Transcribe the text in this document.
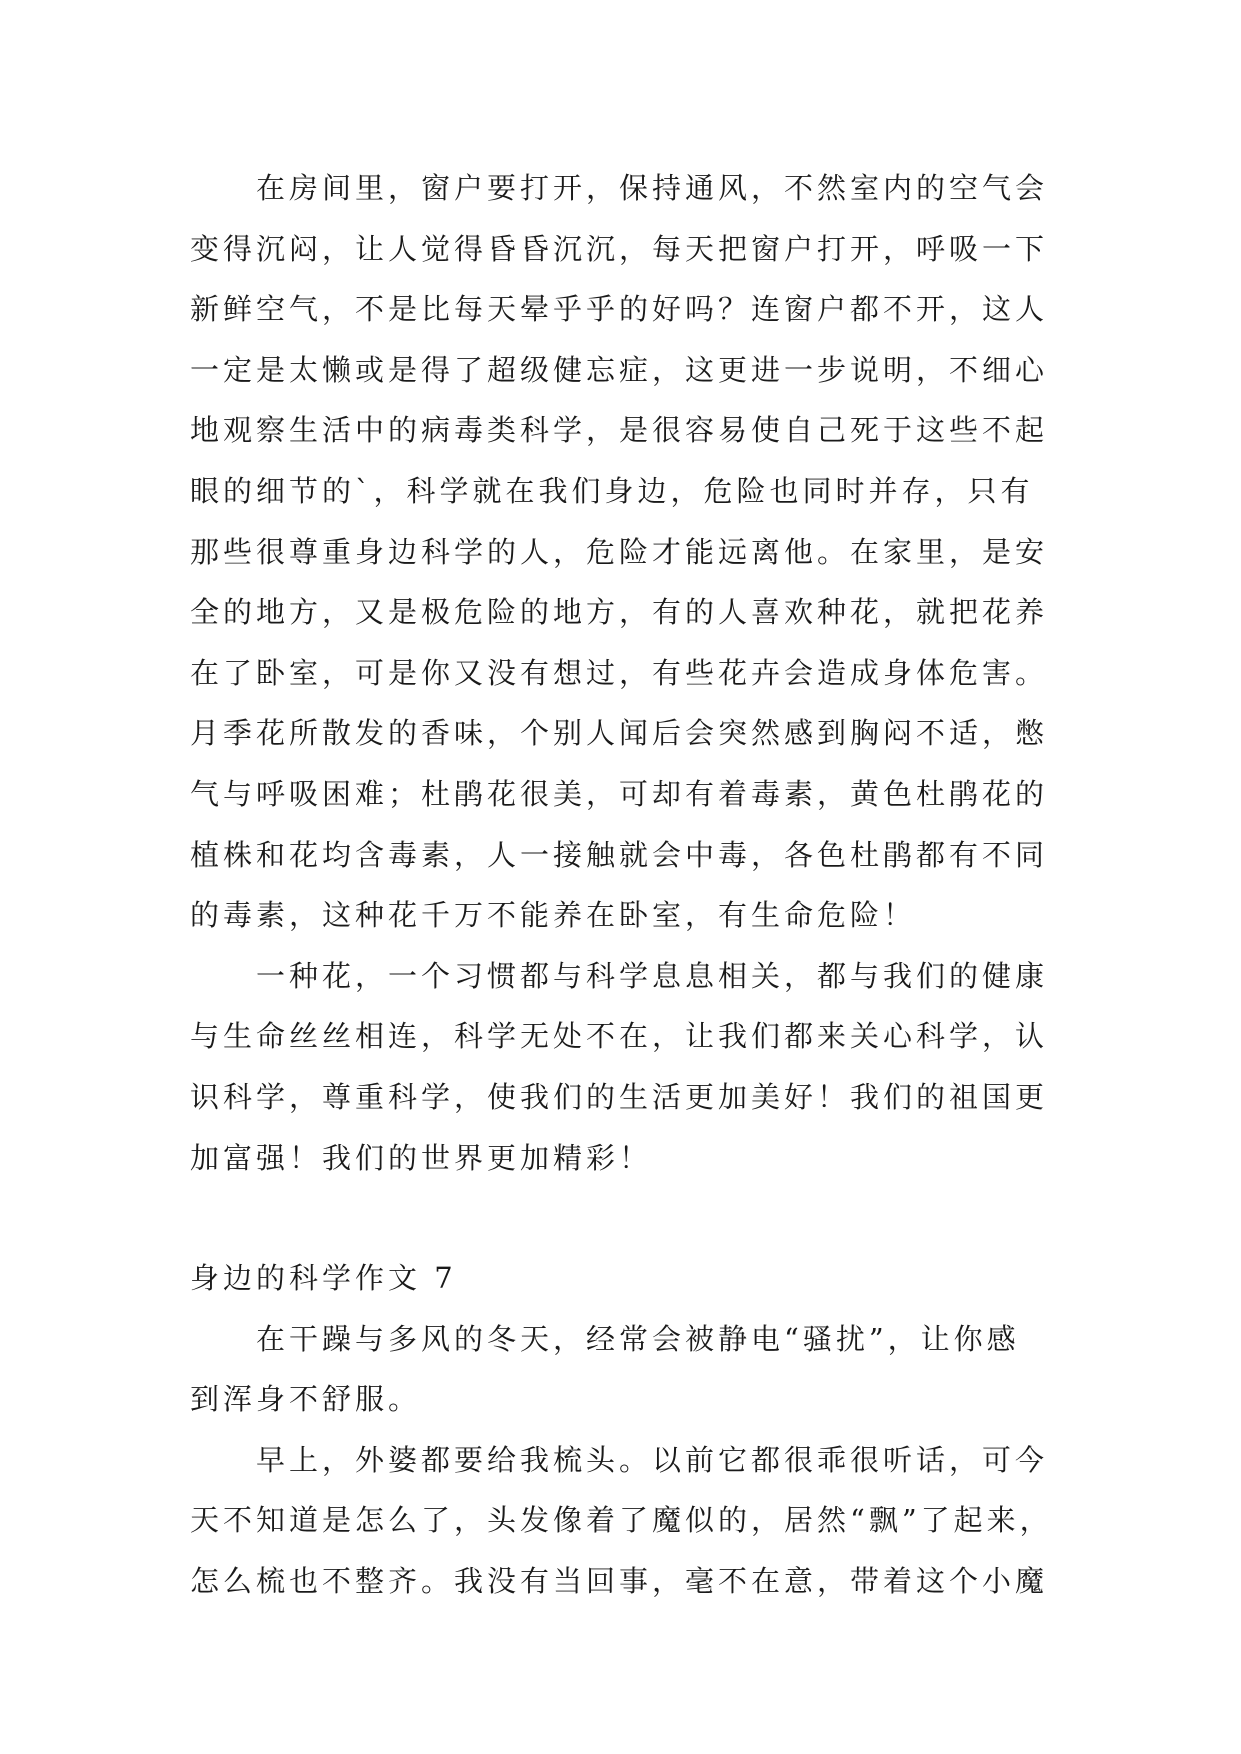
在房间里，窗户要打开，保持通风，不然室内的空气会
变得沉闷，让人觉得昏昏沉沉，每天把窗户打开，呼吸一下
新鲜空气，不是比每天晕乎乎的好吗？连窗户都不开，这人
一定是太懒或是得了超级健忘症，这更进一步说明，不细心
地观察生活中的病毒类科学，是很容易使自己死于这些不起
眼的细节的`，科学就在我们身边，危险也同时并存，只有
那些很尊重身边科学的人，危险才能远离他。在家里，是安
全的地方，又是极危险的地方，有的人喜欢种花，就把花养
在了卧室，可是你又没有想过，有些花卉会造成身体危害。
月季花所散发的香味，个别人闻后会突然感到胸闷不适，憋
气与呼吸困难；杜鹃花很美，可却有着毒素，黄色杜鹃花的
植株和花均含毒素，人一接触就会中毒，各色杜鹃都有不同
的毒素，这种花千万不能养在卧室，有生命危险！
一种花，一个习惯都与科学息息相关，都与我们的健康
与生命丝丝相连，科学无处不在，让我们都来关心科学，认
识科学，尊重科学，使我们的生活更加美好！我们的祖国更
加富强！我们的世界更加精彩！
身边的科学作文 7
在干躁与多风的冬天，经常会被静电“骚扰”，让你感
到浑身不舒服。
早上，外婆都要给我梳头。以前它都很乖很听话，可今
天不知道是怎么了，头发像着了魔似的，居然“飘”了起来，
怎么梳也不整齐。我没有当回事，毫不在意，带着这个小魔
